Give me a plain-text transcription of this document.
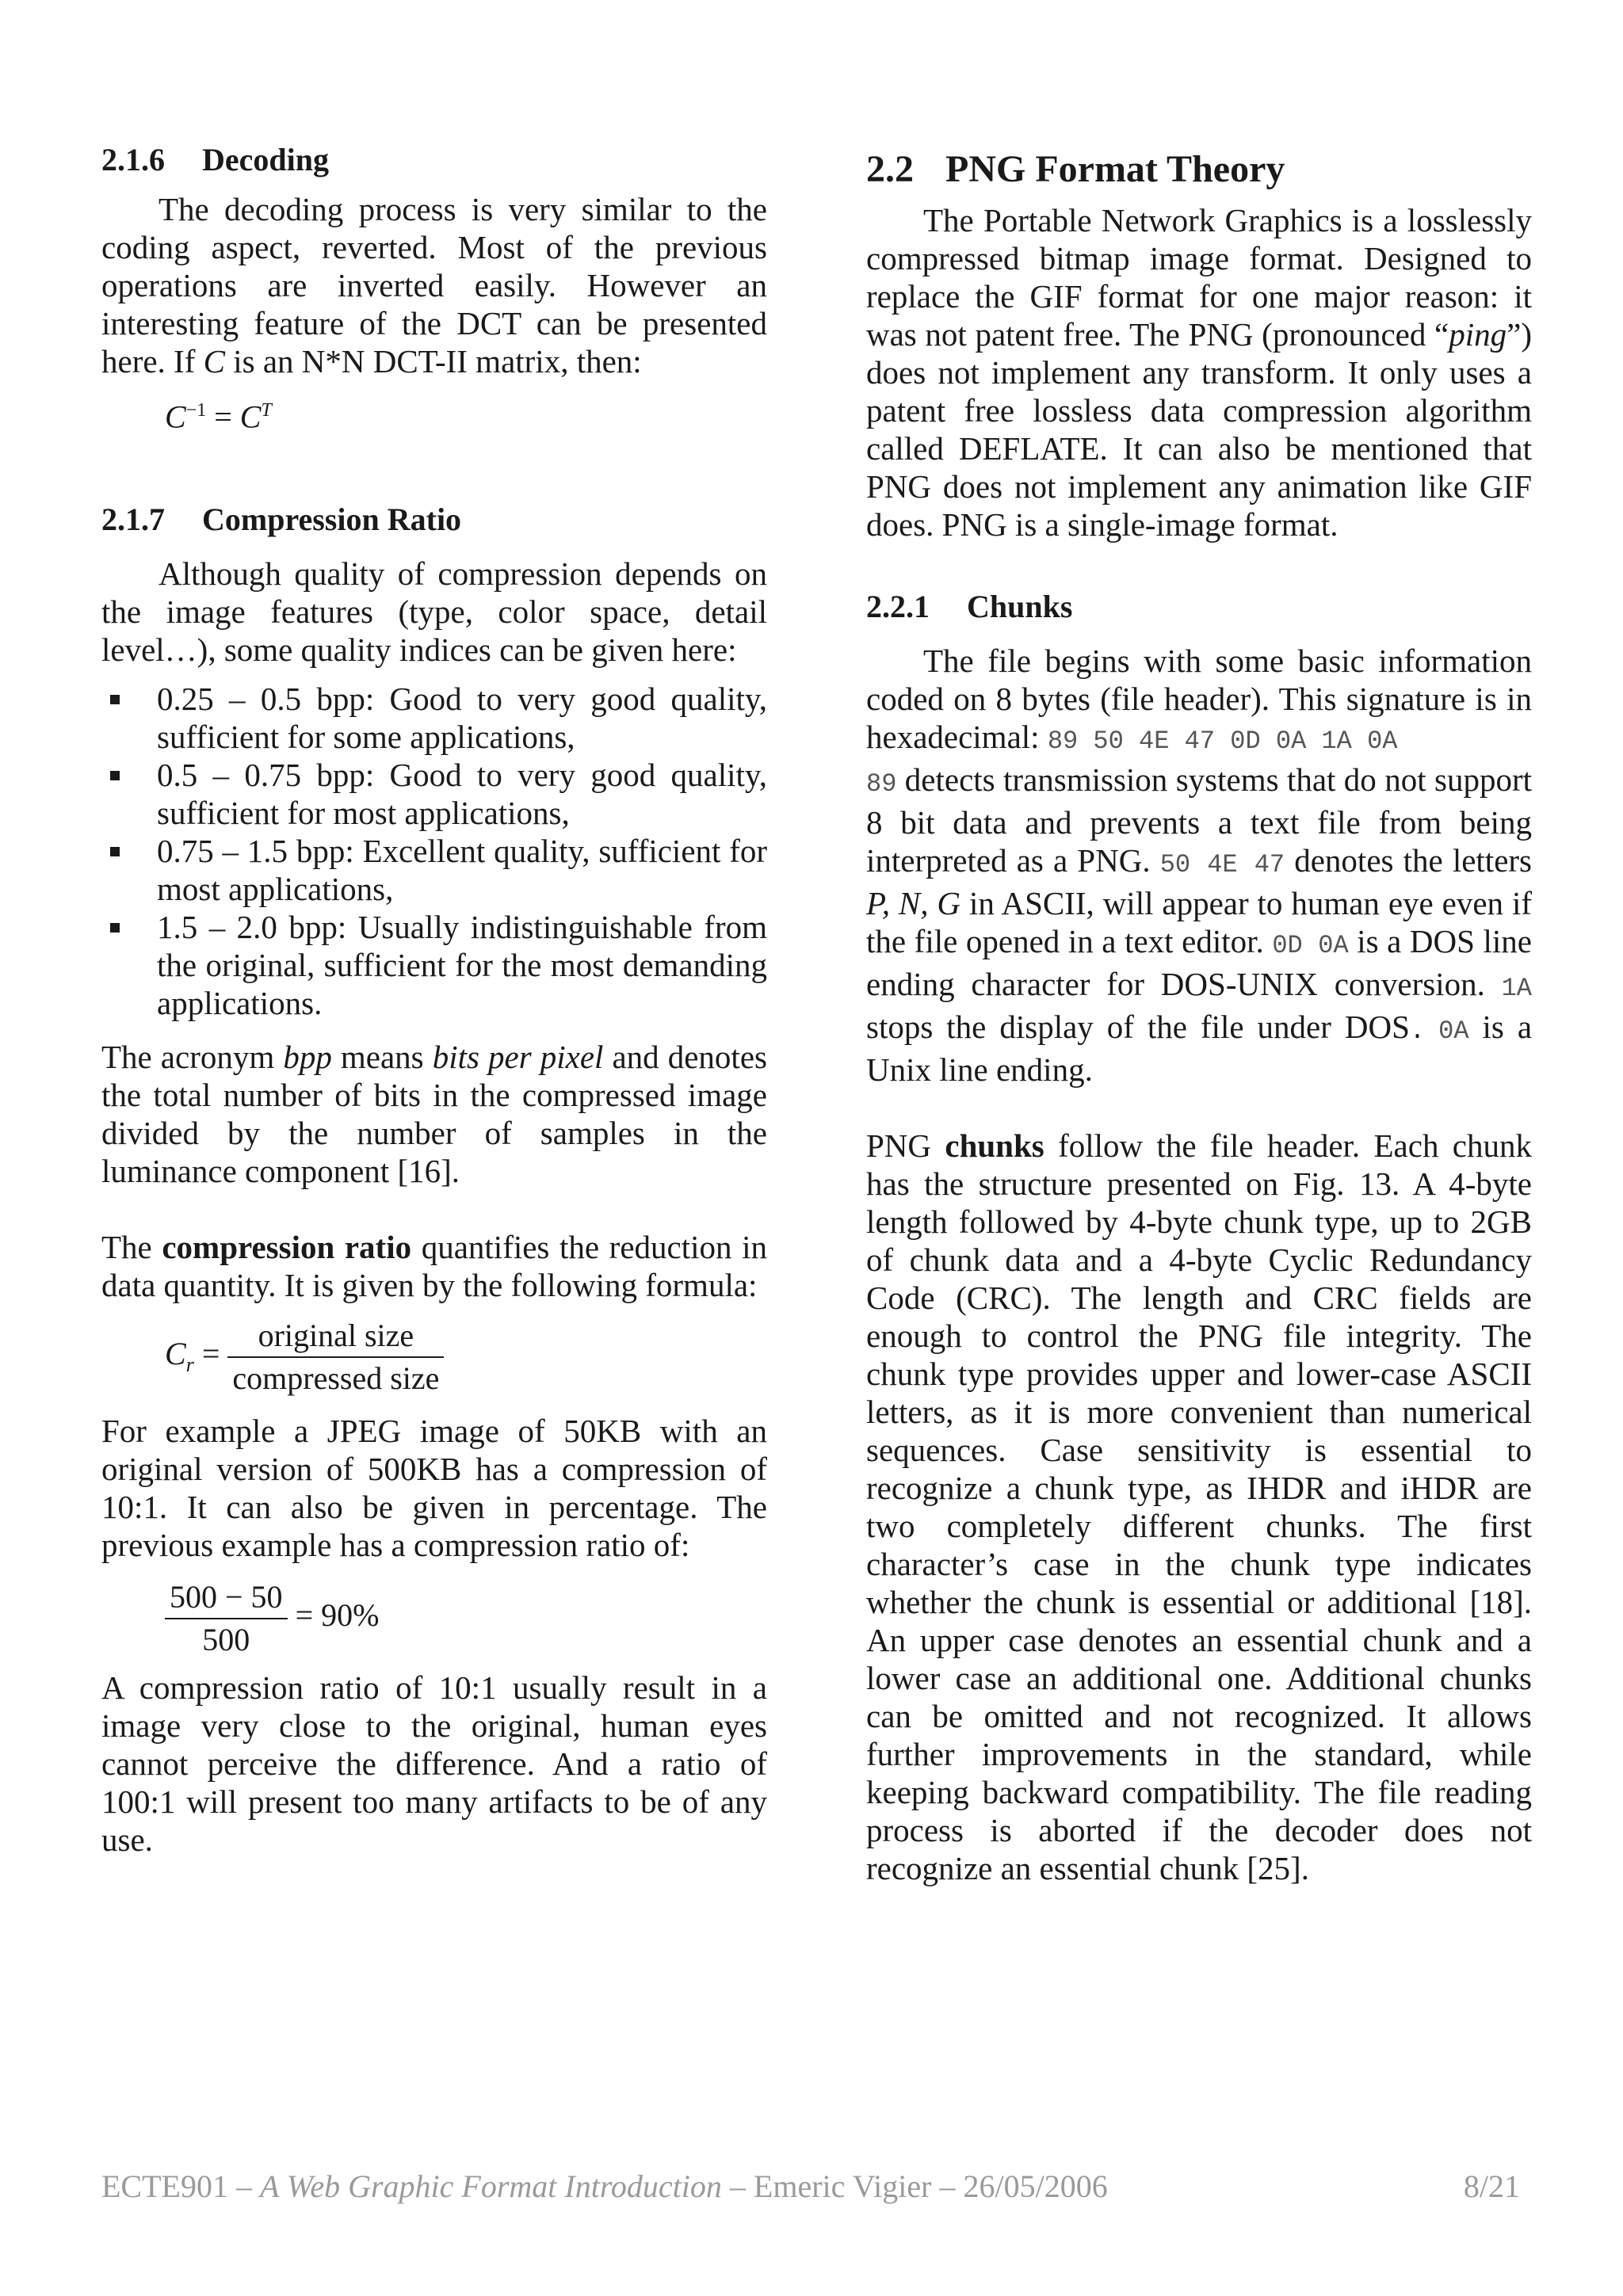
2.1.6 Decoding

The decoding process is very similar to the coding aspect, reverted. Most of the previous operations are inverted easily. However an interesting feature of the DCT can be presented here. If C is an N*N DCT-II matrix, then:

$C^{-1} = C^T$
2.1.7 Compression Ratio

Although quality of compression depends on the image features (type, color space, detail level…), some quality indices can be given here:

0.25 – 0.5 bpp: Good to very good quality, sufficient for some applications,
0.5 – 0.75 bpp: Good to very good quality, sufficient for most applications,
0.75 – 1.5 bpp: Excellent quality, sufficient for most applications,
1.5 – 2.0 bpp: Usually indistinguishable from the original, sufficient for the most demanding applications.

The acronym bpp means bits per pixel and denotes the total number of bits in the compressed image divided by the number of samples in the luminance component [16].

The compression ratio quantifies the reduction in data quantity. It is given by the following formula:

$C_r = \frac{\text{original size}}{\text{compressed size}}$

For example a JPEG image of 50KB with an original version of 500KB has a compression of 10:1. It can also be given in percentage. The previous example has a compression ratio of:

$\frac{500 - 50}{500} = 90\%$

A compression ratio of 10:1 usually result in a image very close to the original, human eyes cannot perceive the difference. And a ratio of 100:1 will present too many artifacts to be of any use.

2.2 PNG Format Theory

The Portable Network Graphics is a losslessly compressed bitmap image format. Designed to replace the GIF format for one major reason: it was not patent free. The PNG (pronounced “ping”) does not implement any transform. It only uses a patent free lossless data compression algorithm called DEFLATE. It can also be mentioned that PNG does not implement any animation like GIF does. PNG is a single-image format.

2.2.1 Chunks

The file begins with some basic information coded on 8 bytes (file header). This signature is in hexadecimal: 89 50 4E 47 0D 0A 1A 0A

89 detects transmission systems that do not support 8 bit data and prevents a text file from being interpreted as a PNG. 50 4E 47 denotes the letters P, N, G in ASCII, will appear to human eye even if the file opened in a text editor. 0D 0A is a DOS line ending character for DOS-UNIX conversion. 1A stops the display of the file under DOS. 0A is a Unix line ending.

PNG chunks follow the file header. Each chunk has the structure presented on Fig. 13. A 4-byte length followed by 4-byte chunk type, up to 2GB of chunk data and a 4-byte Cyclic Redundancy Code (CRC). The length and CRC fields are enough to control the PNG file integrity. The chunk type provides upper and lower-case ASCII letters, as it is more convenient than numerical sequences. Case sensitivity is essential to recognize a chunk type, as IHDR and iHDR are two completely different chunks. The first character’s case in the chunk type indicates whether the chunk is essential or additional [18]. An upper case denotes an essential chunk and a lower case an additional one. Additional chunks can be omitted and not recognized. It allows further improvements in the standard, while keeping backward compatibility. The file reading process is aborted if the decoder does not recognize an essential chunk [25].

ECTE901 – A Web Graphic Format Introduction – Emeric Vigier – 26/05/2006	8/21
